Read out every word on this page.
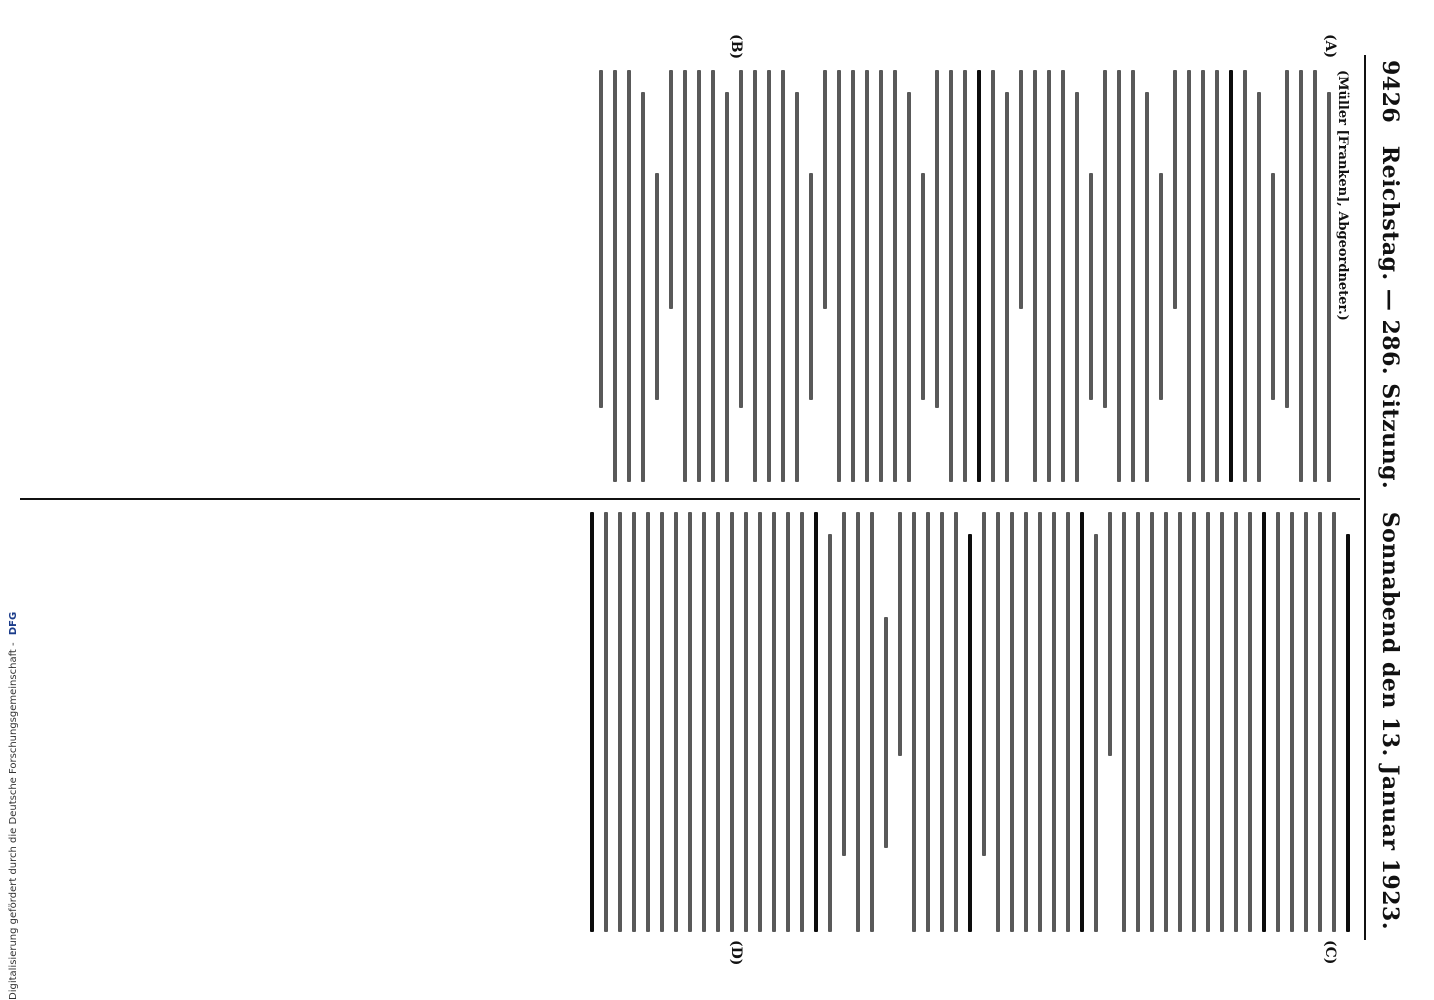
9426
Reichstag. — 286. Sitzung.
Sonnabend den 13. Januar 1923.
(Müller [Franken], Abgeordneter.)
(A)
(B)
(C)
(D)
Digitalisierung gefördert durch die Deutsche Forschungsgemeinschaft - DFG
